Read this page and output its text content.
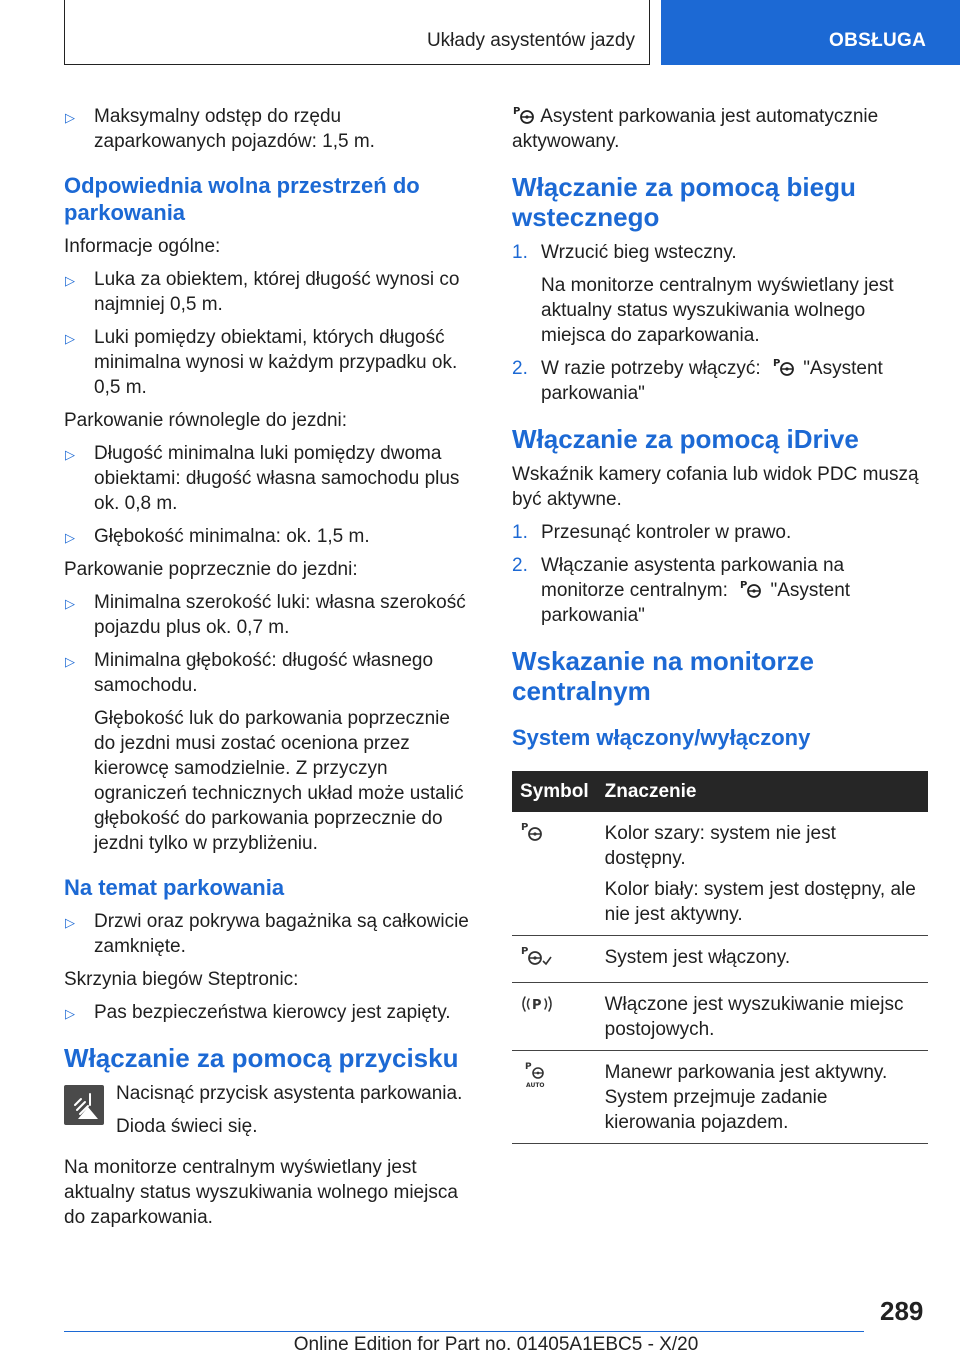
Układy asystentów jazdy	OBSŁUGA
▷ Maksymalny odstęp do rzędu zaparkowanych pojazdów: 1,5 m.
Odpowiednia wolna przestrzeń do parkowania

Informacje ogólne:

▷ Luka za obiektem, której długość wynosi co najmniej 0,5 m.
▷ Luki pomiędzy obiektami, których długość minimalna wynosi w każdym przypadku ok. 0,5 m.

Parkowanie równolegle do jezdni:

▷ Długość minimalna luki pomiędzy dwoma obiektami: długość własna samochodu plus ok. 0,8 m.
▷ Głębokość minimalna: ok. 1,5 m.

Parkowanie poprzecznie do jezdni:

▷ Minimalna szerokość luki: własna szerokość pojazdu plus ok. 0,7 m.
▷ Minimalna głębokość: długość własnego samochodu.
Głębokość luk do parkowania poprzecznie do jezdni musi zostać oceniona przez kierowcę samodzielnie. Z przyczyn ograniczeń technicznych układ może ustalić głębokość do parkowania poprzecznie do jezdni tylko w przybliżeniu.
Na temat parkowania
▷ Drzwi oraz pokrywa bagażnika są całkowicie zamknięte.

Skrzynia biegów Steptronic:

▷ Pas bezpieczeństwa kierowcy jest zapięty.
Włączanie za pomocą przycisku

Nacisnąć przycisk asystenta parkowania.

Dioda świeci się.

Na monitorze centralnym wyświetlany jest aktualny status wyszukiwania wolnego miejsca do zaparkowania.

P Asystent parkowania jest automatycznie aktywowany.

Włączanie za pomocą biegu wstecznego
1. Wrzucić bieg wsteczny.
Na monitorze centralnym wyświetlany jest aktualny status wyszukiwania wolnego miejsca do zaparkowania.
2. W razie potrzeby włączyć: P "Asystent parkowania"
Włączanie za pomocą iDrive

Wskaźnik kamery cofania lub widok PDC muszą być aktywne.

1. Przesunąć kontroler w prawo.
2. Włączanie asystenta parkowania na monitorze centralnym: P "Asystent parkowania"
Wskazanie na monitorze centralnym
System włączony/wyłączony
Symbol	Znaczenie

P	Kolor szary: system nie jest dostępny.

Kolor biały: system jest dostępny, ale nie jest aktywny.

P	System jest włączony.

P	Włączone jest wyszukiwanie miejsc postojowych.

P
AUTO	Manewr parkowania jest aktywny. System przejmuje zadanie kierowania pojazdem.

289
Online Edition for Part no. 01405A1EBC5 - X/20
